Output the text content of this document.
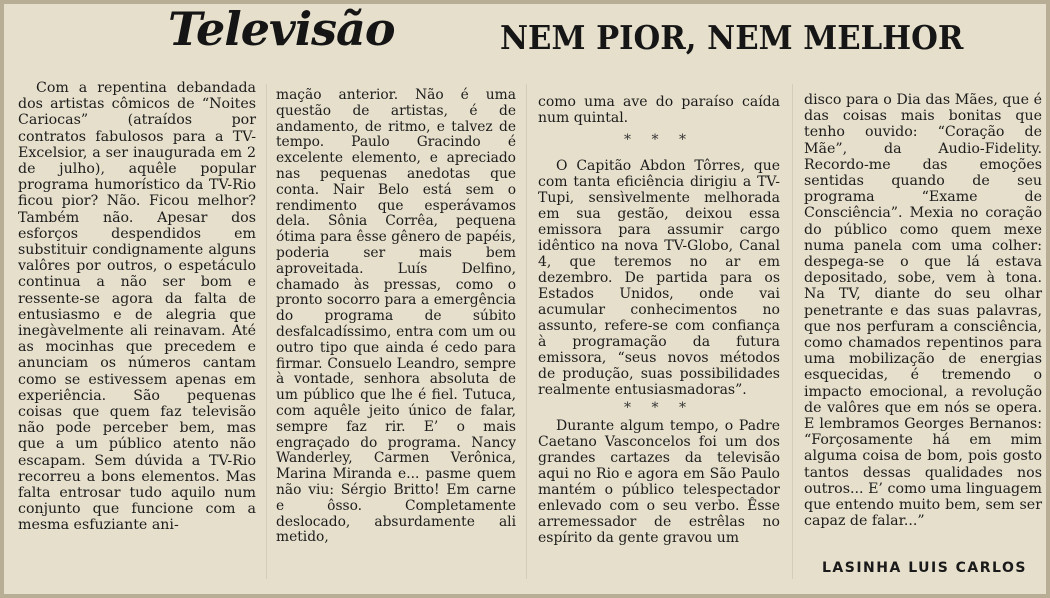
Televisão	NEM PIOR, NEM MELHOR

Com a repentina debandada dos artistas cômicos de “Noites Cariocas” (atraídos por contratos fabulosos para a TV-Excelsior, a ser inaugurada em 2 de julho), aquêle popular programa humorístico da TV-Rio ficou pior? Não. Ficou melhor? Também não. Apesar dos esforços despendidos em substituir condignamente alguns valôres por outros, o espetáculo continua a não ser bom e ressente-se agora da falta de entusiasmo e de alegria que inegàvelmente ali reinavam. Até as mocinhas que precedem e anunciam os números cantam como se estivessem apenas em experiência. São pequenas coisas que quem faz televisão não pode perceber bem, mas que a um público atento não escapam. Sem dúvida a TV-Rio recorreu a bons elementos. Mas falta entrosar tudo aquilo num conjunto que funcione com a mesma esfuziante ani-

mação anterior. Não é uma questão de artistas, é de andamento, de ritmo, e talvez de tempo. Paulo Gracindo é excelente elemento, e apreciado nas pequenas anedotas que conta. Nair Belo está sem o rendimento que esperávamos dela. Sônia Corrêa, pequena ótima para êsse gênero de papéis, poderia ser mais bem aproveitada. Luís Delfino, chamado às pressas, como o pronto socorro para a emergência do programa de súbito desfalcadíssimo, entra com um ou outro tipo que ainda é cedo para firmar. Consuelo Leandro, sempre à vontade, senhora absoluta de um público que lhe é fiel. Tutuca, com aquêle jeito único de falar, sempre faz rir. E’ o mais engraçado do programa. Nancy Wanderley, Carmen Verônica, Marina Miranda e... pasme quem não viu: Sérgio Britto! Em carne e ôsso. Completamente deslocado, absurdamente ali metido,

como uma ave do paraíso caída num quintal.

* * *

O Capitão Abdon Tôrres, que com tanta eficiência dirigiu a TV-Tupi, sensìvelmente melhorada em sua gestão, deixou essa emissora para assumir cargo idêntico na nova TV-Globo, Canal 4, que teremos no ar em dezembro. De partida para os Estados Unidos, onde vai acumular conhecimentos no assunto, refere-se com confiança à programação da futura emissora, “seus novos métodos de produção, suas possibilidades realmente entusiasmadoras”.

* * *

Durante algum tempo, o Padre Caetano Vasconcelos foi um dos grandes cartazes da televisão aqui no Rio e agora em São Paulo mantém o público telespectador enlevado com o seu verbo. Êsse arremessador de estrêlas no espírito da gente gravou um

disco para o Dia das Mães, que é das coisas mais bonitas que tenho ouvido: “Coração de Mãe”, da Audio-Fidelity. Recordo-me das emoções sentidas quando de seu programa “Exame de Consciência”. Mexia no coração do público como quem mexe numa panela com uma colher: despega-se o que lá estava depositado, sobe, vem à tona. Na TV, diante do seu olhar penetrante e das suas palavras, que nos perfuram a consciência, como chamados repentinos para uma mobilização de energias esquecidas, é tremendo o impacto emocional, a revolução de valôres que em nós se opera. E lembramos Georges Bernanos: “Forçosamente há em mim alguma coisa de bom, pois gosto tantos dessas qualidades nos outros... E’ como uma linguagem que entendo muito bem, sem ser capaz de falar...”

LASINHA LUIS CARLOS
